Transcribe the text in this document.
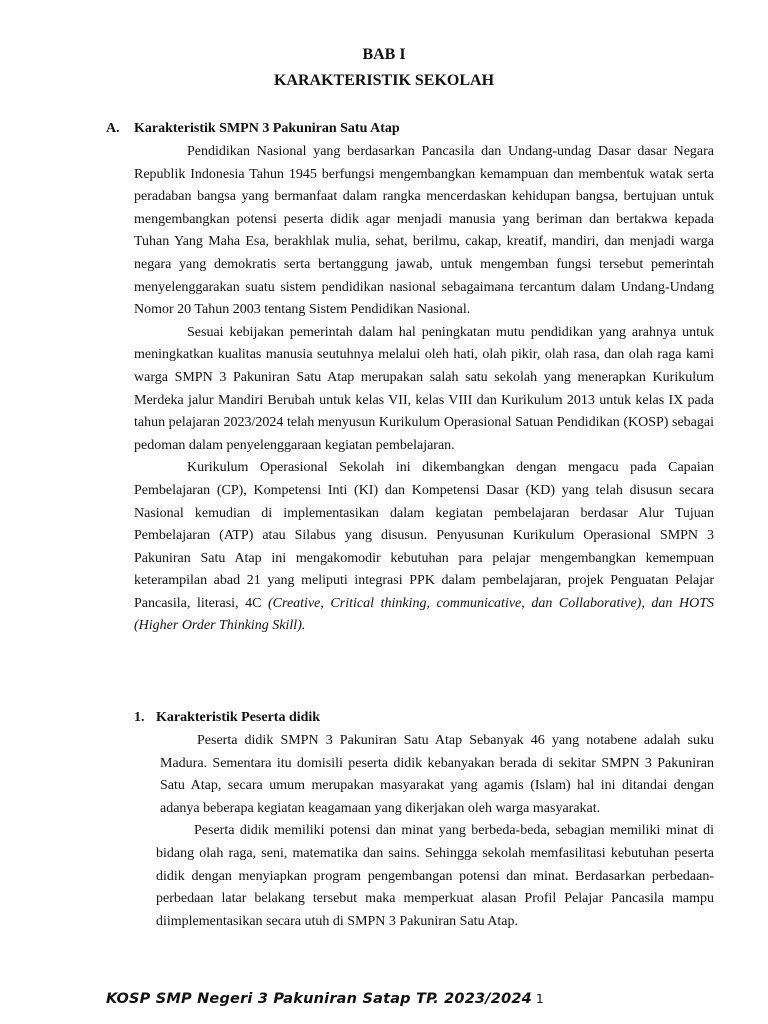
BAB I
KARAKTERISTIK SEKOLAH
A. Karakteristik SMPN 3 Pakuniran Satu Atap

Pendidikan Nasional yang berdasarkan Pancasila dan Undang-undag Dasar dasar Negara Republik Indonesia Tahun 1945 berfungsi mengembangkan kemampuan dan membentuk watak serta peradaban bangsa yang bermanfaat dalam rangka mencerdaskan kehidupan bangsa, bertujuan untuk mengembangkan potensi peserta didik agar menjadi manusia yang beriman dan bertakwa kepada Tuhan Yang Maha Esa, berakhlak mulia, sehat, berilmu, cakap, kreatif, mandiri, dan menjadi warga negara yang demokratis serta bertanggung jawab, untuk mengemban fungsi tersebut pemerintah menyelenggarakan suatu sistem pendidikan nasional sebagaimana tercantum dalam Undang-Undang Nomor 20 Tahun 2003 tentang Sistem Pendidikan Nasional.

Sesuai kebijakan pemerintah dalam hal peningkatan mutu pendidikan yang arahnya untuk meningkatkan kualitas manusia seutuhnya melalui oleh hati, olah pikir, olah rasa, dan olah raga kami warga SMPN 3 Pakuniran Satu Atap merupakan salah satu sekolah yang menerapkan Kurikulum Merdeka jalur Mandiri Berubah untuk kelas VII, kelas VIII dan Kurikulum 2013 untuk kelas IX pada tahun pelajaran 2023/2024 telah menyusun Kurikulum Operasional Satuan Pendidikan (KOSP) sebagai pedoman dalam penyelenggaraan kegiatan pembelajaran.

Kurikulum Operasional Sekolah ini dikembangkan dengan mengacu pada Capaian Pembelajaran (CP), Kompetensi Inti (KI) dan Kompetensi Dasar (KD) yang telah disusun secara Nasional kemudian di implementasikan dalam kegiatan pembelajaran berdasar Alur Tujuan Pembelajaran (ATP) atau Silabus yang disusun. Penyusunan Kurikulum Operasional SMPN 3 Pakuniran Satu Atap ini mengakomodir kebutuhan para pelajar mengembangkan kemempuan keterampilan abad 21 yang meliputi integrasi PPK dalam pembelajaran, projek Penguatan Pelajar Pancasila, literasi, 4C (Creative, Critical thinking, communicative, dan Collaborative), dan HOTS (Higher Order Thinking Skill).

1. Karakteristik Peserta didik

Peserta didik SMPN 3 Pakuniran Satu Atap Sebanyak 46 yang notabene adalah suku Madura. Sementara itu domisili peserta didik kebanyakan berada di sekitar SMPN 3 Pakuniran Satu Atap, secara umum merupakan masyarakat yang agamis (Islam) hal ini ditandai dengan adanya beberapa kegiatan keagamaan yang dikerjakan oleh warga masyarakat.

Peserta didik memiliki potensi dan minat yang berbeda-beda, sebagian memiliki minat di bidang olah raga, seni, matematika dan sains. Sehingga sekolah memfasilitasi kebutuhan peserta didik dengan menyiapkan program pengembangan potensi dan minat. Berdasarkan perbedaan-perbedaan latar belakang tersebut maka memperkuat alasan Profil Pelajar Pancasila mampu diimplementasikan secara utuh di SMPN 3 Pakuniran Satu Atap.

KOSP SMP Negeri 3 Pakuniran Satap TP. 2023/2024 1
